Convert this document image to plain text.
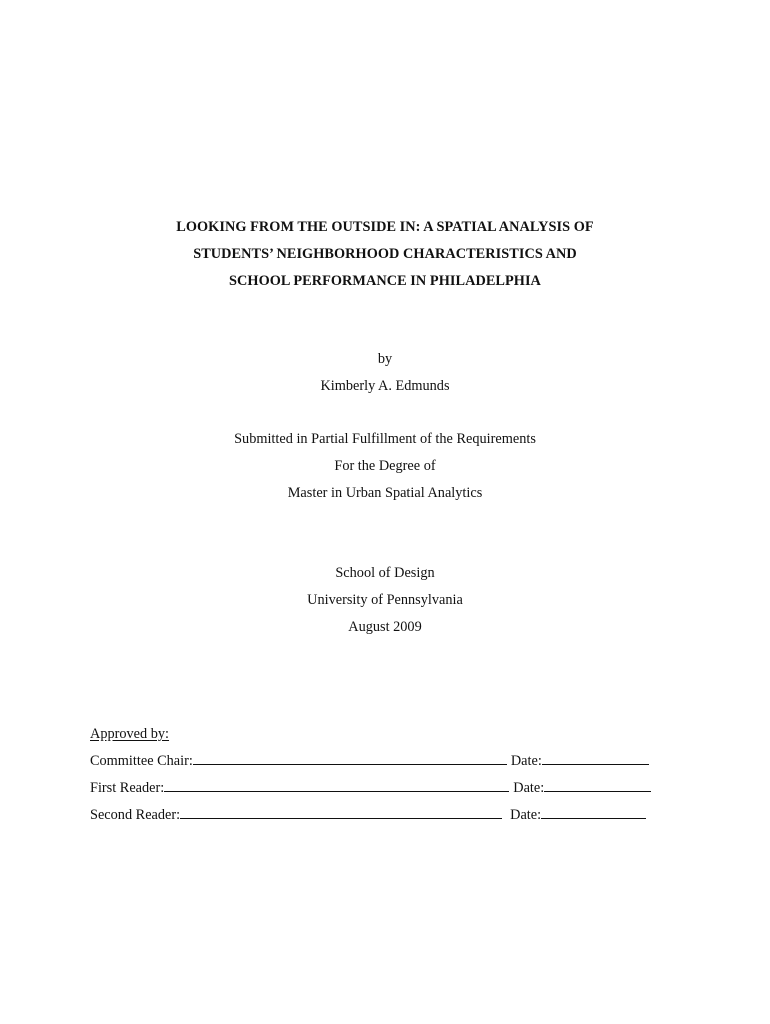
LOOKING FROM THE OUTSIDE IN: A SPATIAL ANALYSIS OF
STUDENTS’ NEIGHBORHOOD CHARACTERISTICS AND
SCHOOL PERFORMANCE IN PHILADELPHIA
by
Kimberly A. Edmunds
Submitted in Partial Fulfillment of the Requirements
For the Degree of
Master in Urban Spatial Analytics
School of Design
University of Pennsylvania
August 2009
Approved by:
Committee Chair:	Date:
First Reader:	Date:
Second Reader:	Date:
